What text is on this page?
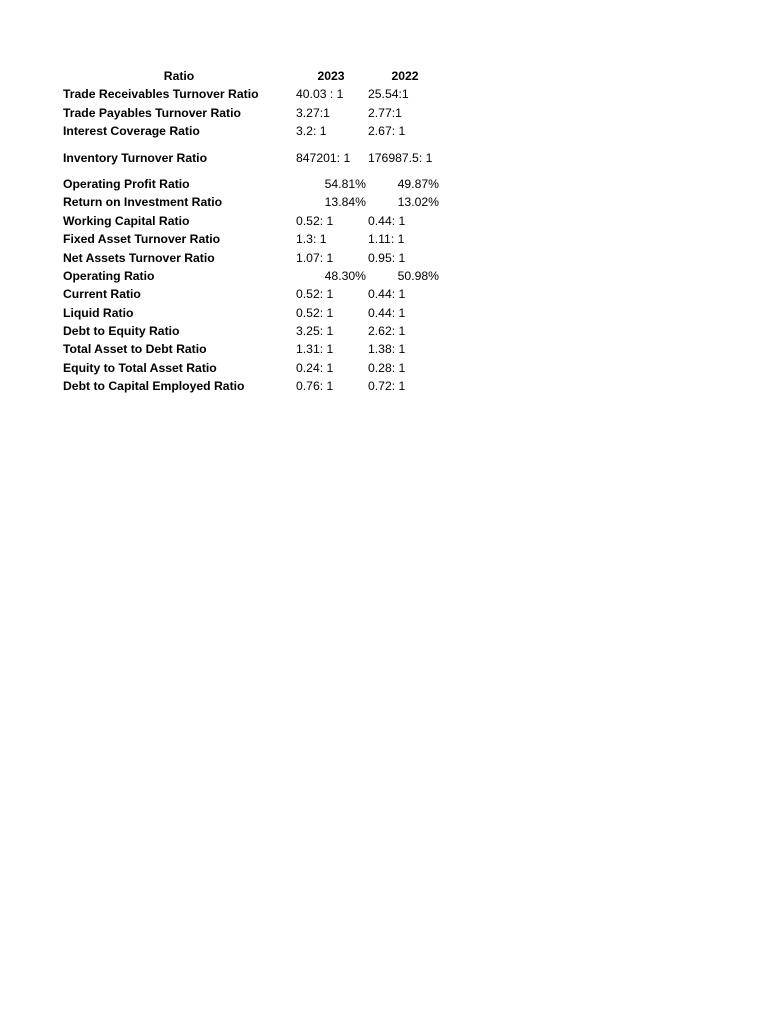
Ratio	2023	2022
Trade Receivables Turnover Ratio	40.03 : 1	25.54:1
Trade Payables Turnover Ratio	3.27:1	2.77:1
Interest Coverage Ratio	3.2: 1	2.67: 1
Inventory Turnover Ratio	847201: 1	176987.5: 1
Operating Profit Ratio	54.81%	49.87%
Return on Investment Ratio	13.84%	13.02%
Working Capital Ratio	0.52: 1	0.44: 1
Fixed Asset Turnover Ratio	1.3: 1	1.11: 1
Net Assets Turnover Ratio	1.07: 1	0.95: 1
Operating Ratio	48.30%	50.98%
Current Ratio	0.52: 1	0.44: 1
Liquid Ratio	0.52: 1	0.44: 1
Debt to Equity Ratio	3.25: 1	2.62: 1
Total Asset to Debt Ratio	1.31: 1	1.38: 1
Equity to Total Asset Ratio	0.24: 1	0.28: 1
Debt to Capital Employed Ratio	0.76: 1	0.72: 1
